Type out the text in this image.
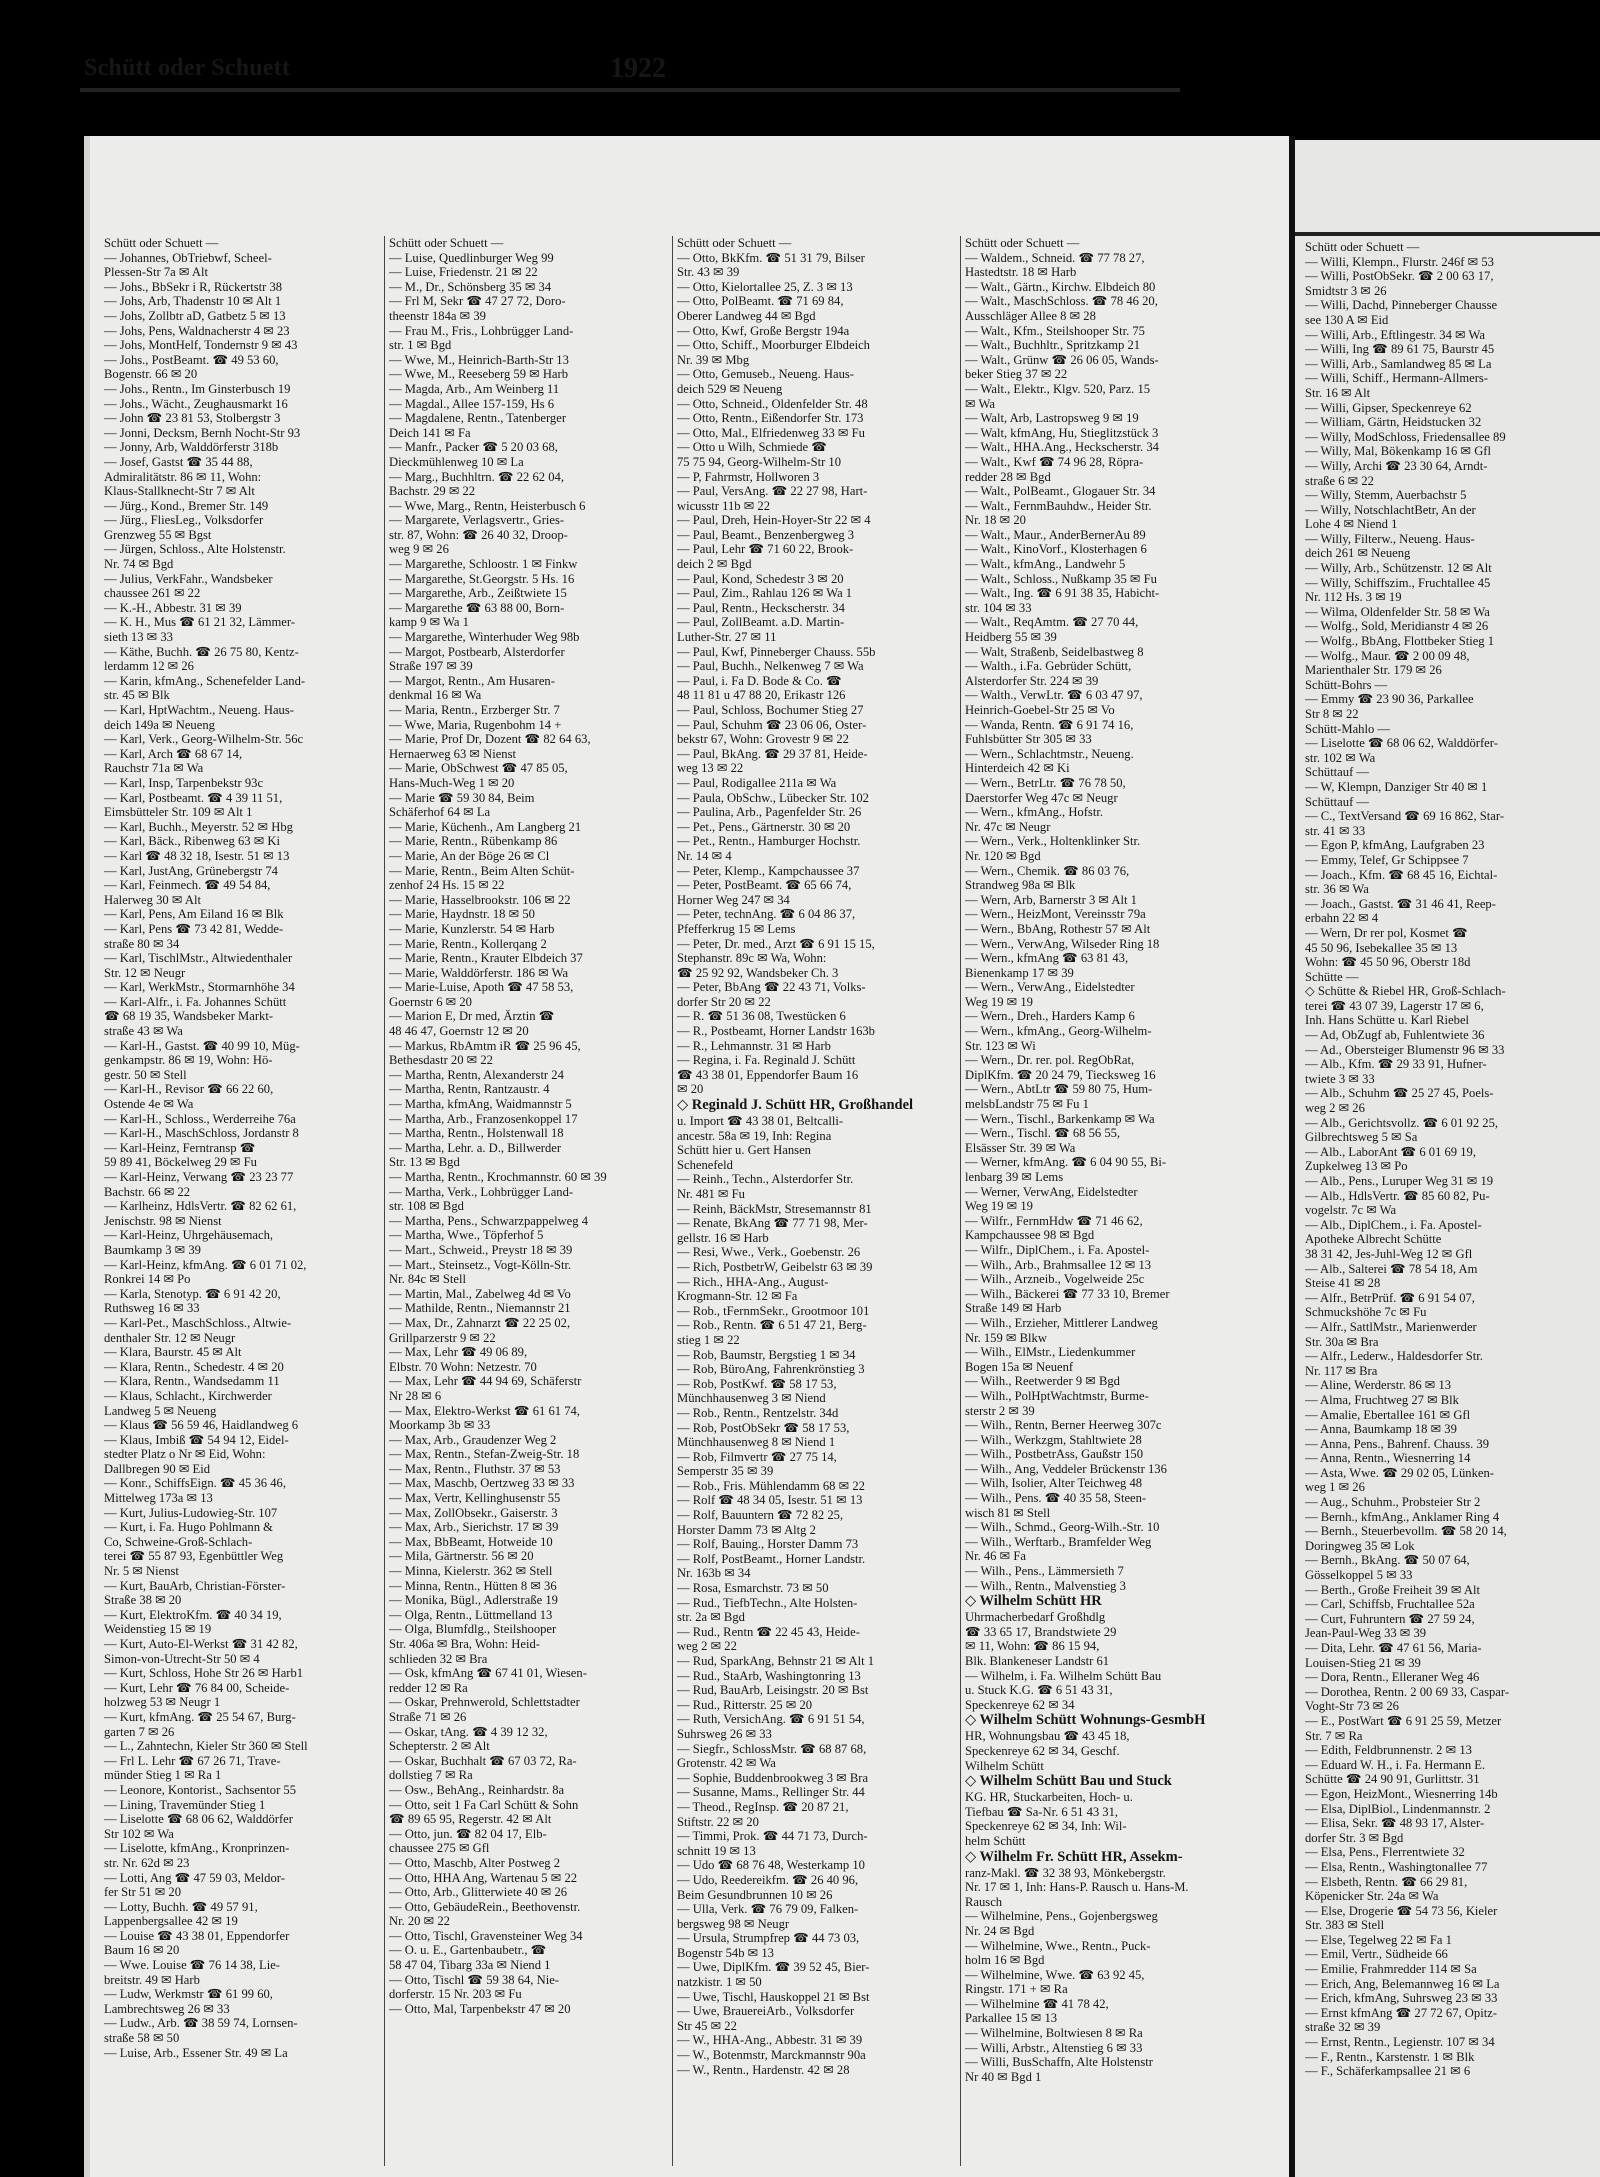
Schütt oder Schuett	1922
Schütt oder Schuett —
— Johannes, ObTriebwf, Scheel-
Plessen-Str 7a ✉ Alt
— Johs., BbSekr i R, Rückertstr 38
— Johs, Arb, Thadenstr 10 ✉ Alt 1
— Johs, Zollbtr aD, Gatbetz 5 ✉ 13
— Johs, Pens, Waldnacherstr 4 ✉ 23
— Johs, MontHelf, Tondernstr 9 ✉ 43
— Johs., PostBeamt. ☎ 49 53 60,
Bogenstr. 66 ✉ 20
— Johs., Rentn., Im Ginsterbusch 19
— Johs., Wächt., Zeughausmarkt 16
— John ☎ 23 81 53, Stolbergstr 3
— Jonni, Decksm, Bernh Nocht-Str 93
— Jonny, Arb, Walddörferstr 318b
— Josef, Gastst ☎ 35 44 88,
Admiralitätstr. 86 ✉ 11, Wohn:
Klaus-Stallknecht-Str 7 ✉ Alt
— Jürg., Kond., Bremer Str. 149
— Jürg., FliesLeg., Volksdorfer
Grenzweg 55 ✉ Bgst
— Jürgen, Schloss., Alte Holstenstr.
Nr. 74 ✉ Bgd
— Julius, VerkFahr., Wandsbeker
chaussee 261 ✉ 22
— K.-H., Abbestr. 31 ✉ 39
— K. H., Mus ☎ 61 21 32, Lämmer-
sieth 13 ✉ 33
— Käthe, Buchh. ☎ 26 75 80, Kentz-
lerdamm 12 ✉ 26
— Karin, kfmAng., Schenefelder Land-
str. 45 ✉ Blk
— Karl, HptWachtm., Neueng. Haus-
deich 149a ✉ Neueng
— Karl, Verk., Georg-Wilhelm-Str. 56c
— Karl, Arch ☎ 68 67 14,
Rauchstr 71a ✉ Wa
— Karl, Insp, Tarpenbekstr 93c
— Karl, Postbeamt. ☎ 4 39 11 51,
Eimsbütteler Str. 109 ✉ Alt 1
— Karl, Buchh., Meyerstr. 52 ✉ Hbg
— Karl, Bäck., Ribenweg 63 ✉ Ki
— Karl ☎ 48 32 18, Isestr. 51 ✉ 13
— Karl, JustAng, Grünebergstr 74
— Karl, Feinmech. ☎ 49 54 84,
Halerweg 30 ✉ Alt
— Karl, Pens, Am Eiland 16 ✉ Blk
— Karl, Pens ☎ 73 42 81, Wedde-
straße 80 ✉ 34
— Karl, TischlMstr., Altwiedenthaler
Str. 12 ✉ Neugr
— Karl, WerkMstr., Stormarnhöhe 34
— Karl-Alfr., i. Fa. Johannes Schütt
☎ 68 19 35, Wandsbeker Markt-
straße 43 ✉ Wa
— Karl-H., Gastst. ☎ 40 99 10, Müg-
genkampstr. 86 ✉ 19, Wohn: Hö-
gestr. 50 ✉ Stell
— Karl-H., Revisor ☎ 66 22 60,
Ostende 4e ✉ Wa
— Karl-H., Schloss., Werderreihe 76a
— Karl-H., MaschSchloss, Jordanstr 8
— Karl-Heinz, Ferntransp ☎
59 89 41, Böckelweg 29 ✉ Fu
— Karl-Heinz, Verwang ☎ 23 23 77
Bachstr. 66 ✉ 22
— Karlheinz, HdlsVertr. ☎ 82 62 61,
Jenischstr. 98 ✉ Nienst
— Karl-Heinz, Uhrgehäusemach,
Baumkamp 3 ✉ 39
— Karl-Heinz, kfmAng. ☎ 6 01 71 02,
Ronkrei 14 ✉ Po
— Karla, Stenotyp. ☎ 6 91 42 20,
Ruthsweg 16 ✉ 33
— Karl-Pet., MaschSchloss., Altwie-
denthaler Str. 12 ✉ Neugr
— Klara, Baurstr. 45 ✉ Alt
— Klara, Rentn., Schedestr. 4 ✉ 20
— Klara, Rentn., Wandsedamm 11
— Klaus, Schlacht., Kirchwerder
Landweg 5 ✉ Neueng
— Klaus ☎ 56 59 46, Haidlandweg 6
— Klaus, Imbiß ☎ 54 94 12, Eidel-
stedter Platz o Nr ✉ Eid, Wohn:
Dallbregen 90 ✉ Eid
— Konr., SchiffsEign. ☎ 45 36 46,
Mittelweg 173a ✉ 13
— Kurt, Julius-Ludowieg-Str. 107
— Kurt, i. Fa. Hugo Pohlmann &
Co, Schweine-Groß-Schlach-
terei ☎ 55 87 93, Egenbüttler Weg
Nr. 5 ✉ Nienst
— Kurt, BauArb, Christian-Förster-
Straße 38 ✉ 20
— Kurt, ElektroKfm. ☎ 40 34 19,
Weidenstieg 15 ✉ 19
— Kurt, Auto-El-Werkst ☎ 31 42 82,
Simon-von-Utrecht-Str 50 ✉ 4
— Kurt, Schloss, Hohe Str 26 ✉ Harb1
— Kurt, Lehr ☎ 76 84 00, Scheide-
holzweg 53 ✉ Neugr 1
— Kurt, kfmAng. ☎ 25 54 67, Burg-
garten 7 ✉ 26
— L., Zahntechn, Kieler Str 360 ✉ Stell
— Frl L. Lehr ☎ 67 26 71, Trave-
münder Stieg 1 ✉ Ra 1
— Leonore, Kontorist., Sachsentor 55
— Lining, Travemünder Stieg 1
— Liselotte ☎ 68 06 62, Walddörfer
Str 102 ✉ Wa
— Liselotte, kfmAng., Kronprinzen-
str. Nr. 62d ✉ 23
— Lotti, Ang ☎ 47 59 03, Meldor-
fer Str 51 ✉ 20
— Lotty, Buchh. ☎ 49 57 91,
Lappenbergsallee 42 ✉ 19
— Louise ☎ 43 38 01, Eppendorfer
Baum 16 ✉ 20
— Wwe. Louise ☎ 76 14 38, Lie-
breitstr. 49 ✉ Harb
— Ludw, Werkmstr ☎ 61 99 60,
Lambrechtsweg 26 ✉ 33
— Ludw., Arb. ☎ 38 59 74, Lornsen-
straße 58 ✉ 50
— Luise, Arb., Essener Str. 49 ✉ La
Schütt oder Schuett —
— Luise, Quedlinburger Weg 99
— Luise, Friedenstr. 21 ✉ 22
— M., Dr., Schönsberg 35 ✉ 34
— Frl M, Sekr ☎ 47 27 72, Doro-
theenstr 184a ✉ 39
— Frau M., Fris., Lohbrügger Land-
str. 1 ✉ Bgd
— Wwe, M., Heinrich-Barth-Str 13
— Wwe, M., Reeseberg 59 ✉ Harb
— Magda, Arb., Am Weinberg 11
— Magdal., Allee 157-159, Hs 6
— Magdalene, Rentn., Tatenberger
Deich 141 ✉ Fa
— Manfr., Packer ☎ 5 20 03 68,
Dieckmühlenweg 10 ✉ La
— Marg., Buchhltrn. ☎ 22 62 04,
Bachstr. 29 ✉ 22
— Wwe, Marg., Rentn, Heisterbusch 6
— Margarete, Verlagsvertr., Gries-
str. 87, Wohn: ☎ 26 40 32, Droop-
weg 9 ✉ 26
— Margarethe, Schloostr. 1 ✉ Finkw
— Margarethe, St.Georgstr. 5 Hs. 16
— Margarethe, Arb., Zeißtwiete 15
— Margarethe ☎ 63 88 00, Born-
kamp 9 ✉ Wa 1
— Margarethe, Winterhuder Weg 98b
— Margot, Postbearb, Alsterdorfer
Straße 197 ✉ 39
— Margot, Rentn., Am Husaren-
denkmal 16 ✉ Wa
— Maria, Rentn., Erzberger Str. 7
— Wwe, Maria, Rugenbohm 14 +
— Marie, Prof Dr, Dozent ☎ 82 64 63,
Hernaerweg 63 ✉ Nienst
— Marie, ObSchwest ☎ 47 85 05,
Hans-Much-Weg 1 ✉ 20
— Marie ☎ 59 30 84, Beim
Schäferhof 64 ✉ La
— Marie, Küchenh., Am Langberg 21
— Marie, Rentn., Rübenkamp 86
— Marie, An der Böge 26 ✉ Cl
— Marie, Rentn., Beim Alten Schüt-
zenhof 24 Hs. 15 ✉ 22
— Marie, Hasselbrookstr. 106 ✉ 22
— Marie, Haydnstr. 18 ✉ 50
— Marie, Kunzlerstr. 54 ✉ Harb
— Marie, Rentn., Kollerqang 2
— Marie, Rentn., Krauter Elbdeich 37
— Marie, Walddörferstr. 186 ✉ Wa
— Marie-Luise, Apoth ☎ 47 58 53,
Goernstr 6 ✉ 20
— Marion E, Dr med, Ärztin ☎
48 46 47, Goernstr 12 ✉ 20
— Markus, RbAmtm iR ☎ 25 96 45,
Bethesdastr 20 ✉ 22
— Martha, Rentn, Alexanderstr 24
— Martha, Rentn, Rantzaustr. 4
— Martha, kfmAng, Waidmannstr 5
— Martha, Arb., Franzosenkoppel 17
— Martha, Rentn., Holstenwall 18
— Martha, Lehr. a. D., Billwerder
Str. 13 ✉ Bgd
— Martha, Rentn., Krochmannstr. 60 ✉ 39
— Martha, Verk., Lohbrügger Land-
str. 108 ✉ Bgd
— Martha, Pens., Schwarzpappelweg 4
— Martha, Wwe., Töpferhof 5
— Mart., Schweid., Preystr 18 ✉ 39
— Mart., Steinsetz., Vogt-Kölln-Str.
Nr. 84c ✉ Stell
— Martin, Mal., Zabelweg 4d ✉ Vo
— Mathilde, Rentn., Niemannstr 21
— Max, Dr., Zahnarzt ☎ 22 25 02,
Grillparzerstr 9 ✉ 22
— Max, Lehr ☎ 49 06 89,
Elbstr. 70 Wohn: Netzestr. 70
— Max, Lehr ☎ 44 94 69, Schäferstr
Nr 28 ✉ 6
— Max, Elektro-Werkst ☎ 61 61 74,
Moorkamp 3b ✉ 33
— Max, Arb., Graudenzer Weg 2
— Max, Rentn., Stefan-Zweig-Str. 18
— Max, Rentn., Fluthstr. 37 ✉ 53
— Max, Maschb, Oertzweg 33 ✉ 33
— Max, Vertr, Kellinghusenstr 55
— Max, ZollObsekr., Gaiserstr. 3
— Max, Arb., Sierichstr. 17 ✉ 39
— Max, BbBeamt, Hotweide 10
— Mila, Gärtnerstr. 56 ✉ 20
— Minna, Kielerstr. 362 ✉ Stell
— Minna, Rentn., Hütten 8 ✉ 36
— Monika, Bügl., Adlerstraße 19
— Olga, Rentn., Lüttmelland 13
— Olga, Blumfdlg., Steilshooper
Str. 406a ✉ Bra, Wohn: Heid-
schlieden 32 ✉ Bra
— Osk, kfmAng ☎ 67 41 01, Wiesen-
redder 12 ✉ Ra
— Oskar, Prehnwerold, Schlettstadter
Straße 71 ✉ 26
— Oskar, tAng. ☎ 4 39 12 32,
Schepterstr. 2 ✉ Alt
— Oskar, Buchhalt ☎ 67 03 72, Ra-
dollstieg 7 ✉ Ra
— Osw., BehAng., Reinhardstr. 8a
— Otto, seit 1 Fa Carl Schütt & Sohn
☎ 89 65 95, Regerstr. 42 ✉ Alt
— Otto, jun. ☎ 82 04 17, Elb-
chaussee 275 ✉ Gfl
— Otto, Maschb, Alter Postweg 2
— Otto, HHA Ang, Wartenau 5 ✉ 22
— Otto, Arb., Glitterwiete 40 ✉ 26
— Otto, GebäudeRein., Beethovenstr.
Nr. 20 ✉ 22
— Otto, Tischl, Gravensteiner Weg 34
— O. u. E., Gartenbaubetr., ☎
58 47 04, Tibarg 33a ✉ Niend 1
— Otto, Tischl ☎ 59 38 64, Nie-
dorferstr. 15 Nr. 203 ✉ Fu
— Otto, Mal, Tarpenbekstr 47 ✉ 20
Schütt oder Schuett —
— Otto, BkKfm. ☎ 51 31 79, Bilser
Str. 43 ✉ 39
— Otto, Kielortallee 25, Z. 3 ✉ 13
— Otto, PolBeamt. ☎ 71 69 84,
Oberer Landweg 44 ✉ Bgd
— Otto, Kwf, Große Bergstr 194a
— Otto, Schiff., Moorburger Elbdeich
Nr. 39 ✉ Mbg
— Otto, Gemuseb., Neueng. Haus-
deich 529 ✉ Neueng
— Otto, Schneid., Oldenfelder Str. 48
— Otto, Rentn., Eißendorfer Str. 173
— Otto, Mal., Elfriedenweg 33 ✉ Fu
— Otto u Wilh, Schmiede ☎
75 75 94, Georg-Wilhelm-Str 10
— P, Fahrmstr, Hollworen 3
— Paul, VersAng. ☎ 22 27 98, Hart-
wicusstr 11b ✉ 22
— Paul, Dreh, Hein-Hoyer-Str 22 ✉ 4
— Paul, Beamt., Benzenbergweg 3
— Paul, Lehr ☎ 71 60 22, Brook-
deich 2 ✉ Bgd
— Paul, Kond, Schedestr 3 ✉ 20
— Paul, Zim., Rahlau 126 ✉ Wa 1
— Paul, Rentn., Heckscherstr. 34
— Paul, ZollBeamt. a.D. Martin-
Luther-Str. 27 ✉ 11
— Paul, Kwf, Pinneberger Chauss. 55b
— Paul, Buchh., Nelkenweg 7 ✉ Wa
— Paul, i. Fa D. Bode & Co. ☎
48 11 81 u 47 88 20, Erikastr 126
— Paul, Schloss, Bochumer Stieg 27
— Paul, Schuhm ☎ 23 06 06, Oster-
bekstr 67, Wohn: Grovestr 9 ✉ 22
— Paul, BkAng. ☎ 29 37 81, Heide-
weg 13 ✉ 22
— Paul, Rodigallee 211a ✉ Wa
— Paula, ObSchw., Lübecker Str. 102
— Paulina, Arb., Pagenfelder Str. 26
— Pet., Pens., Gärtnerstr. 30 ✉ 20
— Pet., Rentn., Hamburger Hochstr.
Nr. 14 ✉ 4
— Peter, Klemp., Kampchaussee 37
— Peter, PostBeamt. ☎ 65 66 74,
Horner Weg 247 ✉ 34
— Peter, technAng. ☎ 6 04 86 37,
Pfefferkrug 15 ✉ Lems
— Peter, Dr. med., Arzt ☎ 6 91 15 15,
Stephanstr. 89c ✉ Wa, Wohn:
☎ 25 92 92, Wandsbeker Ch. 3
— Peter, BbAng ☎ 22 43 71, Volks-
dorfer Str 20 ✉ 22
— R. ☎ 51 36 08, Twestücken 6
— R., Postbeamt, Horner Landstr 163b
— R., Lehmannstr. 31 ✉ Harb
— Regina, i. Fa. Reginald J. Schütt
☎ 43 38 01, Eppendorfer Baum 16
✉ 20
◇ Reginald J. Schütt HR, Großhandel
u. Import ☎ 43 38 01, Beltcalli-
ancestr. 58a ✉ 19, Inh: Regina
Schütt hier u. Gert Hansen
Schenefeld
— Reinh., Techn., Alsterdorfer Str.
Nr. 481 ✉ Fu
— Reinh, BäckMstr, Stresemannstr 81
— Renate, BkAng ☎ 77 71 98, Mer-
gellstr. 16 ✉ Harb
— Resi, Wwe., Verk., Goebenstr. 26
— Rich, PostbetrW, Geibelstr 63 ✉ 39
— Rich., HHA-Ang., August-
Krogmann-Str. 12 ✉ Fa
— Rob., tFernmSekr., Grootmoor 101
— Rob., Rentn. ☎ 6 51 47 21, Berg-
stieg 1 ✉ 22
— Rob, Baumstr, Bergstieg 1 ✉ 34
— Rob, BüroAng, Fahrenkrönstieg 3
— Rob, PostKwf. ☎ 58 17 53,
Münchhausenweg 3 ✉ Niend
— Rob., Rentn., Rentzelstr. 34d
— Rob, PostObSekr ☎ 58 17 53,
Münchhausenweg 8 ✉ Niend 1
— Rob, Filmvertr ☎ 27 75 14,
Semperstr 35 ✉ 39
— Rob., Fris. Mühlendamm 68 ✉ 22
— Rolf ☎ 48 34 05, Isestr. 51 ✉ 13
— Rolf, Bauuntern ☎ 72 82 25,
Horster Damm 73 ✉ Altg 2
— Rolf, Bauing., Horster Damm 73
— Rolf, PostBeamt., Horner Landstr.
Nr. 163b ✉ 34
— Rosa, Esmarchstr. 73 ✉ 50
— Rud., TiefbTechn., Alte Holsten-
str. 2a ✉ Bgd
— Rud., Rentn ☎ 22 45 43, Heide-
weg 2 ✉ 22
— Rud, SparkAng, Behnstr 21 ✉ Alt 1
— Rud., StaArb, Washingtonring 13
— Rud, BauArb, Leisingstr. 20 ✉ Bst
— Rud., Ritterstr. 25 ✉ 20
— Ruth, VersichAng. ☎ 6 91 51 54,
Suhrsweg 26 ✉ 33
— Siegfr., SchlossMstr. ☎ 68 87 68,
Grotenstr. 42 ✉ Wa
— Sophie, Buddenbrookweg 3 ✉ Bra
— Susanne, Mams., Rellinger Str. 44
— Theod., RegInsp. ☎ 20 87 21,
Stiftstr. 22 ✉ 20
— Timmi, Prok. ☎ 44 71 73, Durch-
schnitt 19 ✉ 13
— Udo ☎ 68 76 48, Westerkamp 10
— Udo, Reedereikfm. ☎ 26 40 96,
Beim Gesundbrunnen 10 ✉ 26
— Ulla, Verk. ☎ 76 79 09, Falken-
bergsweg 98 ✉ Neugr
— Ursula, Strumpfrep ☎ 44 73 03,
Bogenstr 54b ✉ 13
— Uwe, DiplKfm. ☎ 39 52 45, Bier-
natzkistr. 1 ✉ 50
— Uwe, Tischl, Hauskoppel 21 ✉ Bst
— Uwe, BrauereiArb., Volksdorfer
Str 45 ✉ 22
— W., HHA-Ang., Abbestr. 31 ✉ 39
— W., Botenmstr, Marckmannstr 90a
— W., Rentn., Hardenstr. 42 ✉ 28
Schütt oder Schuett —
— Waldem., Schneid. ☎ 77 78 27,
Hastedtstr. 18 ✉ Harb
— Walt., Gärtn., Kirchw. Elbdeich 80
— Walt., MaschSchloss. ☎ 78 46 20,
Ausschläger Allee 8 ✉ 28
— Walt., Kfm., Steilshooper Str. 75
— Walt., Buchhltr., Spritzkamp 21
— Walt., Grünw ☎ 26 06 05, Wands-
beker Stieg 37 ✉ 22
— Walt., Elektr., Klgv. 520, Parz. 15
✉ Wa
— Walt, Arb, Lastropsweg 9 ✉ 19
— Walt, kfmAng, Hu, Stieglitzstück 3
— Walt., HHA.Ang., Heckscherstr. 34
— Walt., Kwf ☎ 74 96 28, Röpra-
redder 28 ✉ Bgd
— Walt., PolBeamt., Glogauer Str. 34
— Walt., FernmBauhdw., Heider Str.
Nr. 18 ✉ 20
— Walt., Maur., AnderBernerAu 89
— Walt., KinoVorf., Klosterhagen 6
— Walt., kfmAng., Landwehr 5
— Walt., Schloss., Nußkamp 35 ✉ Fu
— Walt., Ing. ☎ 6 91 38 35, Habicht-
str. 104 ✉ 33
— Walt., ReqAmtm. ☎ 27 70 44,
Heidberg 55 ✉ 39
— Walt, Straßenb, Seidelbastweg 8
— Walth., i.Fa. Gebrüder Schütt,
Alsterdorfer Str. 224 ✉ 39
— Walth., VerwLtr. ☎ 6 03 47 97,
Heinrich-Goebel-Str 25 ✉ Vo
— Wanda, Rentn. ☎ 6 91 74 16,
Fuhlsbütter Str 305 ✉ 33
— Wern., Schlachtmstr., Neueng.
Hinterdeich 42 ✉ Ki
— Wern., BetrLtr. ☎ 76 78 50,
Daerstorfer Weg 47c ✉ Neugr
— Wern., kfmAng., Hofstr.
Nr. 47c ✉ Neugr
— Wern., Verk., Holtenklinker Str.
Nr. 120 ✉ Bgd
— Wern., Chemik. ☎ 86 03 76,
Strandweg 98a ✉ Blk
— Wern, Arb, Barnerstr 3 ✉ Alt 1
— Wern., HeizMont, Vereinsstr 79a
— Wern., BbAng, Rothestr 57 ✉ Alt
— Wern., VerwAng, Wilseder Ring 18
— Wern., kfmAng ☎ 63 81 43,
Bienenkamp 17 ✉ 39
— Wern., VerwAng., Eidelstedter
Weg 19 ✉ 19
— Wern., Dreh., Harders Kamp 6
— Wern., kfmAng., Georg-Wilhelm-
Str. 123 ✉ Wi
— Wern., Dr. rer. pol. RegObRat,
DiplKfm. ☎ 20 24 79, Tiecksweg 16
— Wern., AbtLtr ☎ 59 80 75, Hum-
melsbLandstr 75 ✉ Fu 1
— Wern., Tischl., Barkenkamp ✉ Wa
— Wern., Tischl. ☎ 68 56 55,
Elsässer Str. 39 ✉ Wa
— Werner, kfmAng. ☎ 6 04 90 55, Bi-
lenbarg 39 ✉ Lems
— Werner, VerwAng, Eidelstedter
Weg 19 ✉ 19
— Wilfr., FernmHdw ☎ 71 46 62,
Kampchaussee 98 ✉ Bgd
— Wilfr., DiplChem., i. Fa. Apostel-
— Wilh., Arb., Brahmsallee 12 ✉ 13
— Wilh., Arzneib., Vogelweide 25c
— Wilh., Bäckerei ☎ 77 33 10, Bremer
Straße 149 ✉ Harb
— Wilh., Erzieher, Mittlerer Landweg
Nr. 159 ✉ Blkw
— Wilh., ElMstr., Liedenkummer
Bogen 15a ✉ Neuenf
— Wilh., Reetwerder 9 ✉ Bgd
— Wilh., PolHptWachtmstr, Burme-
sterstr 2 ✉ 39
— Wilh., Rentn, Berner Heerweg 307c
— Wilh., Werkzgm, Stahltwiete 28
— Wilh., PostbetrAss, Gaußstr 150
— Wilh., Ang, Veddeler Brückenstr 136
— Wilh, Isolier, Alter Teichweg 48
— Wilh., Pens. ☎ 40 35 58, Steen-
wisch 81 ✉ Stell
— Wilh., Schmd., Georg-Wilh.-Str. 10
— Wilh., Werftarb., Bramfelder Weg
Nr. 46 ✉ Fa
— Wilh., Pens., Lämmersieth 7
— Wilh., Rentn., Malvenstieg 3
◇ Wilhelm Schütt HR
Uhrmacherbedarf Großhdlg
☎ 33 65 17, Brandstwiete 29
✉ 11, Wohn: ☎ 86 15 94,
Blk. Blankeneser Landstr 61
— Wilhelm, i. Fa. Wilhelm Schütt Bau
u. Stuck K.G. ☎ 6 51 43 31,
Speckenreye 62 ✉ 34
◇ Wilhelm Schütt Wohnungs-GesmbH
HR, Wohnungsbau ☎ 43 45 18,
Speckenreye 62 ✉ 34, Geschf.
Wilhelm Schütt
◇ Wilhelm Schütt Bau und Stuck
KG. HR, Stuckarbeiten, Hoch- u.
Tiefbau ☎ Sa-Nr. 6 51 43 31,
Speckenreye 62 ✉ 34, Inh: Wil-
helm Schütt
◇ Wilhelm Fr. Schütt HR, Assekm-
ranz-Makl. ☎ 32 38 93, Mönkebergstr.
Nr. 17 ✉ 1, Inh: Hans-P. Rausch u. Hans-M.
Rausch
— Wilhelmine, Pens., Gojenbergsweg
Nr. 24 ✉ Bgd
— Wilhelmine, Wwe., Rentn., Puck-
holm 16 ✉ Bgd
— Wilhelmine, Wwe. ☎ 63 92 45,
Ringstr. 171 + ✉ Ra
— Wilhelmine ☎ 41 78 42,
Parkallee 15 ✉ 13
— Wilhelmine, Boltwiesen 8 ✉ Ra
— Willi, Arbstr., Altenstieg 6 ✉ 33
— Willi, BusSchaffn, Alte Holstenstr
Nr 40 ✉ Bgd 1
Schütt oder Schuett —
— Willi, Klempn., Flurstr. 246f ✉ 53
— Willi, PostObSekr. ☎ 2 00 63 17,
Smidtstr 3 ✉ 26
— Willi, Dachd, Pinneberger Chausse
see 130 A ✉ Eid
— Willi, Arb., Eftlingestr. 34 ✉ Wa
— Willi, Ing ☎ 89 61 75, Baurstr 45
— Willi, Arb., Samlandweg 85 ✉ La
— Willi, Schiff., Hermann-Allmers-
Str. 16 ✉ Alt
— Willi, Gipser, Speckenreye 62
— William, Gärtn, Heidstucken 32
— Willy, ModSchloss, Friedensallee 89
— Willy, Mal, Bökenkamp 16 ✉ Gfl
— Willy, Archi ☎ 23 30 64, Arndt-
straße 6 ✉ 22
— Willy, Stemm, Auerbachstr 5
— Willy, NotschlachtBetr, An der
Lohe 4 ✉ Niend 1
— Willy, Filterw., Neueng. Haus-
deich 261 ✉ Neueng
— Willy, Arb., Schützenstr. 12 ✉ Alt
— Willy, Schiffszim., Fruchtallee 45
Nr. 112 Hs. 3 ✉ 19
— Wilma, Oldenfelder Str. 58 ✉ Wa
— Wolfg., Sold, Meridianstr 4 ✉ 26
— Wolfg., BbAng, Flottbeker Stieg 1
— Wolfg., Maur. ☎ 2 00 09 48,
Marienthaler Str. 179 ✉ 26
Schütt-Bohrs —
— Emmy ☎ 23 90 36, Parkallee
Str 8 ✉ 22
Schütt-Mahlo —
— Liselotte ☎ 68 06 62, Walddörfer-
str. 102 ✉ Wa
Schüttauf —
— W, Klempn, Danziger Str 40 ✉ 1
Schüttauf —
— C., TextVersand ☎ 69 16 862, Star-
str. 41 ✉ 33
— Egon P, kfmAng, Laufgraben 23
— Emmy, Telef, Gr Schippsee 7
— Joach., Kfm. ☎ 68 45 16, Eichtal-
str. 36 ✉ Wa
— Joach., Gastst. ☎ 31 46 41, Reep-
erbahn 22 ✉ 4
— Wern, Dr rer pol, Kosmet ☎
45 50 96, Isebekallee 35 ✉ 13
Wohn: ☎ 45 50 96, Oberstr 18d
Schütte —
◇ Schütte & Riebel HR, Groß-Schlach-
terei ☎ 43 07 39, Lagerstr 17 ✉ 6,
Inh. Hans Schütte u. Karl Riebel
— Ad, ObZugf ab, Fuhlentwiete 36
— Ad., Obersteiger Blumenstr 96 ✉ 33
— Alb., Kfm. ☎ 29 33 91, Hufner-
twiete 3 ✉ 33
— Alb., Schuhm ☎ 25 27 45, Poels-
weg 2 ✉ 26
— Alb., Gerichtsvollz. ☎ 6 01 92 25,
Gilbrechtsweg 5 ✉ Sa
— Alb., LaborAnt ☎ 6 01 69 19,
Zupkelweg 13 ✉ Po
— Alb., Pens., Luruper Weg 31 ✉ 19
— Alb., HdlsVertr. ☎ 85 60 82, Pu-
vogelstr. 7c ✉ Wa
— Alb., DiplChem., i. Fa. Apostel-
Apotheke Albrecht Schütte
38 31 42, Jes-Juhl-Weg 12 ✉ Gfl
— Alb., Salterei ☎ 78 54 18, Am
Steise 41 ✉ 28
— Alfr., BetrPrüf. ☎ 6 91 54 07,
Schmuckshöhe 7c ✉ Fu
— Alfr., SattlMstr., Marienwerder
Str. 30a ✉ Bra
— Alfr., Lederw., Haldesdorfer Str.
Nr. 117 ✉ Bra
— Aline, Werderstr. 86 ✉ 13
— Alma, Fruchtweg 27 ✉ Blk
— Amalie, Ebertallee 161 ✉ Gfl
— Anna, Baumkamp 18 ✉ 39
— Anna, Pens., Bahrenf. Chauss. 39
— Anna, Rentn., Wiesnerring 14
— Asta, Wwe. ☎ 29 02 05, Lünken-
weg 1 ✉ 26
— Aug., Schuhm., Probsteier Str 2
— Bernh., kfmAng., Anklamer Ring 4
— Bernh., Steuerbevollm. ☎ 58 20 14,
Doringweg 35 ✉ Lok
— Bernh., BkAng. ☎ 50 07 64,
Gösselkoppel 5 ✉ 33
— Berth., Große Freiheit 39 ✉ Alt
— Carl, Schiffsb, Fruchtallee 52a
— Curt, Fuhruntern ☎ 27 59 24,
Jean-Paul-Weg 33 ✉ 39
— Dita, Lehr. ☎ 47 61 56, Maria-
Louisen-Stieg 21 ✉ 39
— Dora, Rentn., Elleraner Weg 46
— Dorothea, Rentn. 2 00 69 33, Caspar-
Voght-Str 73 ✉ 26
— E., PostWart ☎ 6 91 25 59, Metzer
Str. 7 ✉ Ra
— Edith, Feldbrunnenstr. 2 ✉ 13
— Eduard W. H., i. Fa. Hermann E.
Schütte ☎ 24 90 91, Gurlittstr. 31
— Egon, HeizMont., Wiesnerring 14b
— Elsa, DiplBiol., Lindenmannstr. 2
— Elisa, Sekr. ☎ 48 93 17, Alster-
dorfer Str. 3 ✉ Bgd
— Elsa, Pens., Flerrentwiete 32
— Elsa, Rentn., Washingtonallee 77
— Elsbeth, Rentn. ☎ 66 29 81,
Köpenicker Str. 24a ✉ Wa
— Else, Drogerie ☎ 54 73 56, Kieler
Str. 383 ✉ Stell
— Else, Tegelweg 22 ✉ Fa 1
— Emil, Vertr., Südheide 66
— Emilie, Frahmredder 114 ✉ Sa
— Erich, Ang, Belemannweg 16 ✉ La
— Erich, kfmAng, Suhrsweg 23 ✉ 33
— Ernst kfmAng ☎ 27 72 67, Opitz-
straße 32 ✉ 39
— Ernst, Rentn., Legienstr. 107 ✉ 34
— F., Rentn., Karstenstr. 1 ✉ Blk
— F., Schäferkampsallee 21 ✉ 6
